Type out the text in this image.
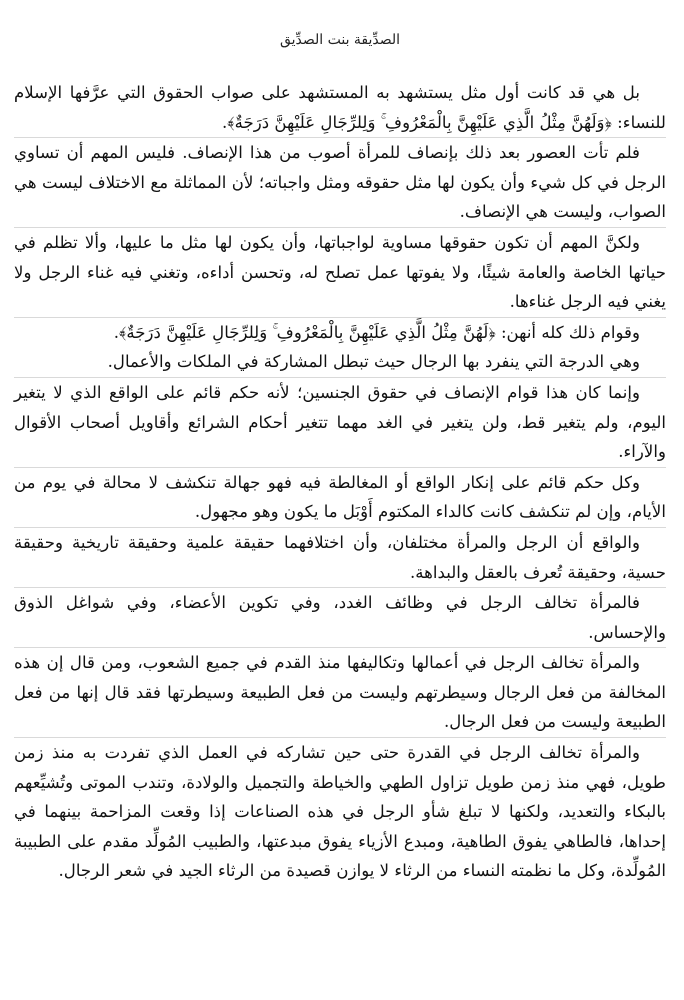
الصدِّيقة بنت الصدِّيق

بل هي قد كانت أول مثل يستشهد به المستشهد على صواب الحقوق التي عرَّفها الإسلام للنساء: ﴿وَلَهُنَّ مِثْلُ الَّذِي عَلَيْهِنَّ بِالْمَعْرُوفِ ۚ وَلِلرِّجَالِ عَلَيْهِنَّ دَرَجَةٌ﴾.

فلم تأت العصور بعد ذلك بإنصاف للمرأة أصوب من هذا الإنصاف. فليس المهم أن تساوي الرجل في كل شيء وأن يكون لها مثل حقوقه ومثل واجباته؛ لأن المماثلة مع الاختلاف ليست هي الصواب، وليست هي الإنصاف.

ولكنَّ المهم أن تكون حقوقها مساوية لواجباتها، وأن يكون لها مثل ما عليها، وألا تظلم في حياتها الخاصة والعامة شيئًا، ولا يفوتها عمل تصلح له، وتحسن أداءه، وتغني فيه غناء الرجل ولا يغني فيه الرجل غناءها.

وقوام ذلك كله أنهن: ﴿لَهُنَّ مِثْلُ الَّذِي عَلَيْهِنَّ بِالْمَعْرُوفِ ۚ وَلِلرِّجَالِ عَلَيْهِنَّ دَرَجَةٌ﴾.

وهي الدرجة التي ينفرد بها الرجال حيث تبطل المشاركة في الملكات والأعمال.

وإنما كان هذا قوام الإنصاف في حقوق الجنسين؛ لأنه حكم قائم على الواقع الذي لا يتغير اليوم، ولم يتغير قط، ولن يتغير في الغد مهما تتغير أحكام الشرائع وأقاويل أصحاب الأقوال والآراء.

وكل حكم قائم على إنكار الواقع أو المغالطة فيه فهو جهالة تنكشف لا محالة في يوم من الأيام، وإن لم تنكشف كانت كالداء المكتوم أَوْبَل ما يكون وهو مجهول.

والواقع أن الرجل والمرأة مختلفان، وأن اختلافهما حقيقة علمية وحقيقة تاريخية وحقيقة حسية، وحقيقة تُعرف بالعقل والبداهة.

فالمرأة تخالف الرجل في وظائف الغدد، وفي تكوين الأعضاء، وفي شواغل الذوق والإحساس.

والمرأة تخالف الرجل في أعمالها وتكاليفها منذ القدم في جميع الشعوب، ومن قال إن هذه المخالفة من فعل الرجال وسيطرتهم وليست من فعل الطبيعة وسيطرتها فقد قال إنها من فعل الطبيعة وليست من فعل الرجال.

والمرأة تخالف الرجل في القدرة حتى حين تشاركه في العمل الذي تفردت به منذ زمن طويل، فهي منذ زمن طويل تزاول الطهي والخياطة والتجميل والولادة، وتندب الموتى وتُشيِّعهم بالبكاء والتعديد، ولكنها لا تبلغ شأو الرجل في هذه الصناعات إذا وقعت المزاحمة بينهما في إحداها، فالطاهي يفوق الطاهية، ومبدع الأزياء يفوق مبدعتها، والطبيب المُولِّد مقدم على الطبيبة المُولِّدة، وكل ما نظمته النساء من الرثاء لا يوازن قصيدة من الرثاء الجيد في شعر الرجال.
